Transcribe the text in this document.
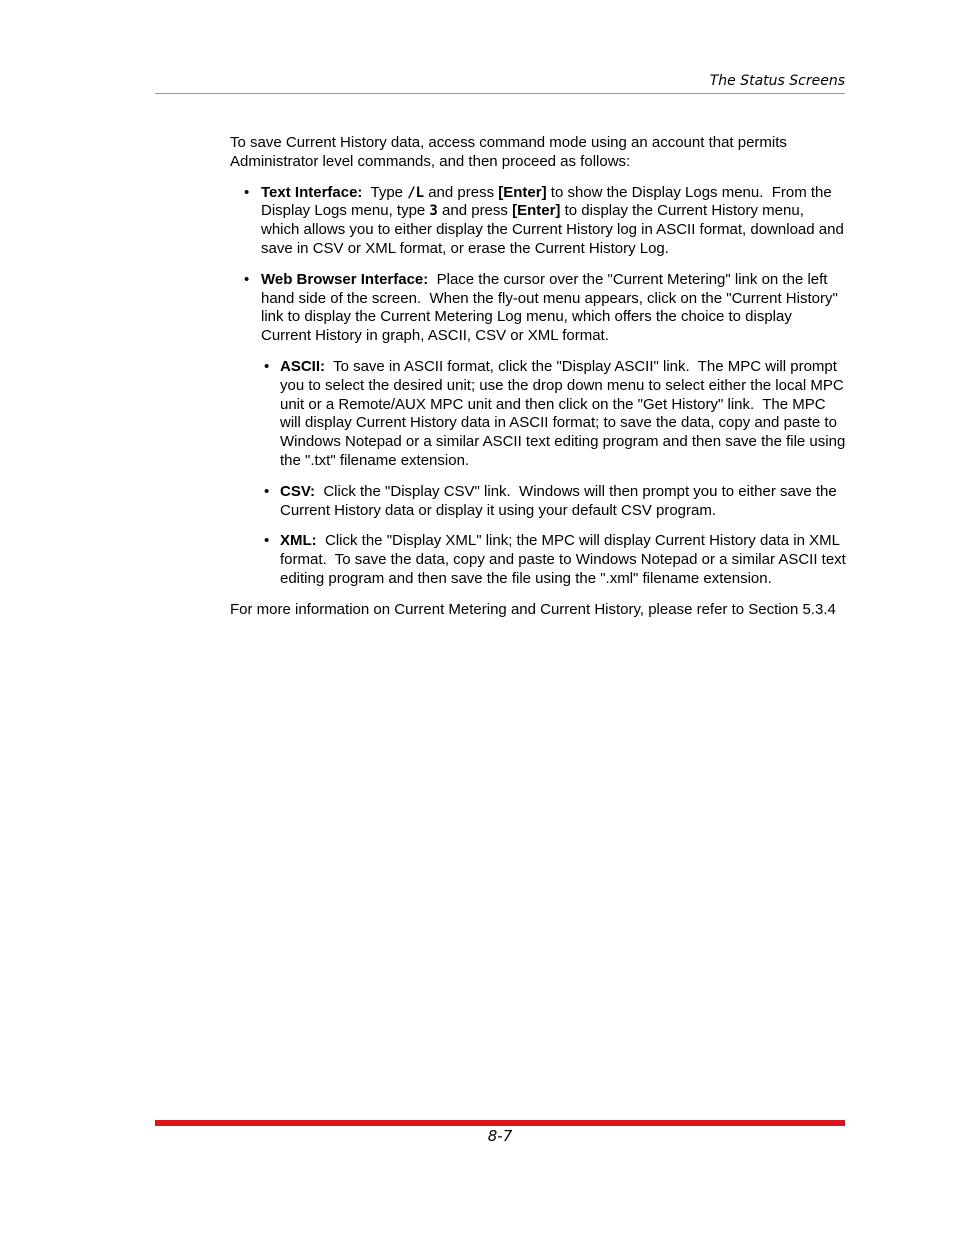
The Status Screens

To save Current History data, access command mode using an account that permits Administrator level commands, and then proceed as follows:

• Text Interface:  Type /L and press [Enter] to show the Display Logs menu.  From the Display Logs menu, type 3 and press [Enter] to display the Current History menu, which allows you to either display the Current History log in ASCII format, download and save in CSV or XML format, or erase the Current History Log.
• Web Browser Interface:  Place the cursor over the "Current Metering" link on the left hand side of the screen.  When the fly-out menu appears, click on the "Current History" link to display the Current Metering Log menu, which offers the choice to display Current History in graph, ASCII, CSV or XML format.
• ASCII:  To save in ASCII format, click the "Display ASCII" link.  The MPC will prompt you to select the desired unit; use the drop down menu to select either the local MPC unit or a Remote/AUX MPC unit and then click on the "Get History" link.  The MPC will display Current History data in ASCII format; to save the data, copy and paste to Windows Notepad or a similar ASCII text editing program and then save the file using the ".txt" filename extension.
• CSV:  Click the "Display CSV" link.  Windows will then prompt you to either save the Current History data or display it using your default CSV program.
• XML:  Click the "Display XML" link; the MPC will display Current History data in XML format.  To save the data, copy and paste to Windows Notepad or a similar ASCII text editing program and then save the file using the ".xml" filename extension.

For more information on Current Metering and Current History, please refer to Section 5.3.4

8-7
